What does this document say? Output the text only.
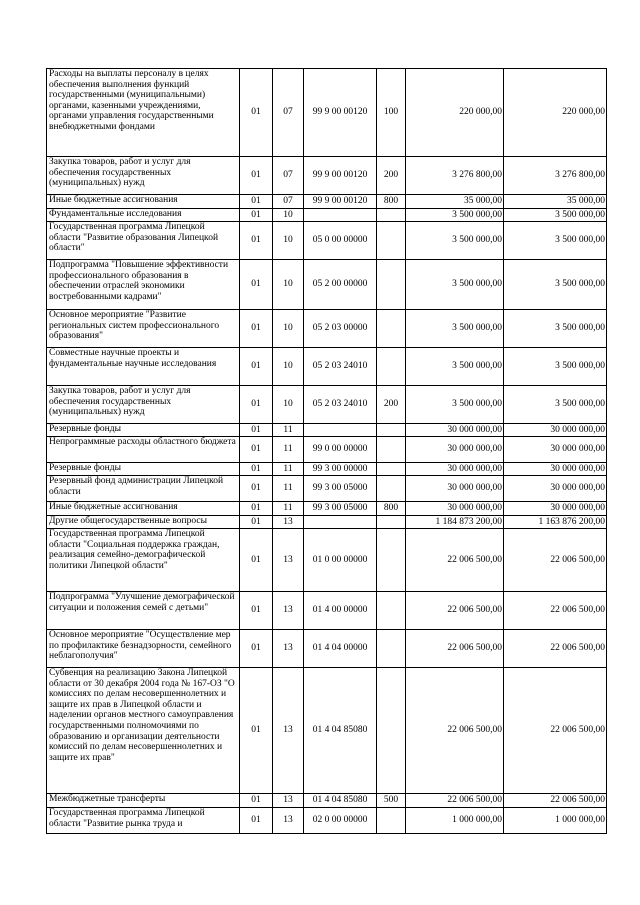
Расходы на выплаты персоналу в целях обеспечения выполнения функций государственными (муниципальными) органами, казенными учреждениями, органами управления государственными внебюджетными фондами	01	07	99 9 00 00120	100	220 000,00	220 000,00
Закупка товаров, работ и услуг для обеспечения государственных (муниципальных) нужд	01	07	99 9 00 00120	200	3 276 800,00	3 276 800,00
Иные бюджетные ассигнования	01	07	99 9 00 00120	800	35 000,00	35 000,00
Фундаментальные исследования	01	10			3 500 000,00	3 500 000,00
Государственная программа Липецкой области "Развитие образования Липецкой области"	01	10	05 0 00 00000		3 500 000,00	3 500 000,00
Подпрограмма "Повышение эффективности профессионального образования в обеспечении отраслей экономики востребованными кадрами"	01	10	05 2 00 00000		3 500 000,00	3 500 000,00
Основное мероприятие "Развитие региональных систем профессионального образования"	01	10	05 2 03 00000		3 500 000,00	3 500 000,00
Совместные научные проекты и фундаментальные научные исследования	01	10	05 2 03 24010		3 500 000,00	3 500 000,00
Закупка товаров, работ и услуг для обеспечения государственных (муниципальных) нужд	01	10	05 2 03 24010	200	3 500 000,00	3 500 000,00
Резервные фонды	01	11			30 000 000,00	30 000 000,00
Непрограммные расходы областного бюджета	01	11	99 0 00 00000		30 000 000,00	30 000 000,00
Резервные фонды	01	11	99 3 00 00000		30 000 000,00	30 000 000,00
Резервный фонд администрации Липецкой области	01	11	99 3 00 05000		30 000 000,00	30 000 000,00
Иные бюджетные ассигнования	01	11	99 3 00 05000	800	30 000 000,00	30 000 000,00
Другие общегосударственные вопросы	01	13			1 184 873 200,00	1 163 876 200,00
Государственная программа Липецкой области "Социальная поддержка граждан, реализация семейно-демографической политики Липецкой области"	01	13	01 0 00 00000		22 006 500,00	22 006 500,00
Подпрограмма "Улучшение демографической ситуации и положения семей с детьми"	01	13	01 4 00 00000		22 006 500,00	22 006 500,00
Основное мероприятие "Осуществление мер по профилактике безнадзорности, семейного неблагополучия"	01	13	01 4 04 00000		22 006 500,00	22 006 500,00
Субвенция на реализацию Закона Липецкой области от 30 декабря 2004 года № 167-ОЗ "О комиссиях по делам несовершеннолетних и защите их прав в Липецкой области и наделении органов местного самоуправления государственными полномочиями по образованию и организации деятельности комиссий по делам несовершеннолетних и защите их прав"	01	13	01 4 04 85080		22 006 500,00	22 006 500,00
Межбюджетные трансферты	01	13	01 4 04 85080	500	22 006 500,00	22 006 500,00
Государственная программа Липецкой области "Развитие рынка труда и	01	13	02 0 00 00000		1 000 000,00	1 000 000,00
